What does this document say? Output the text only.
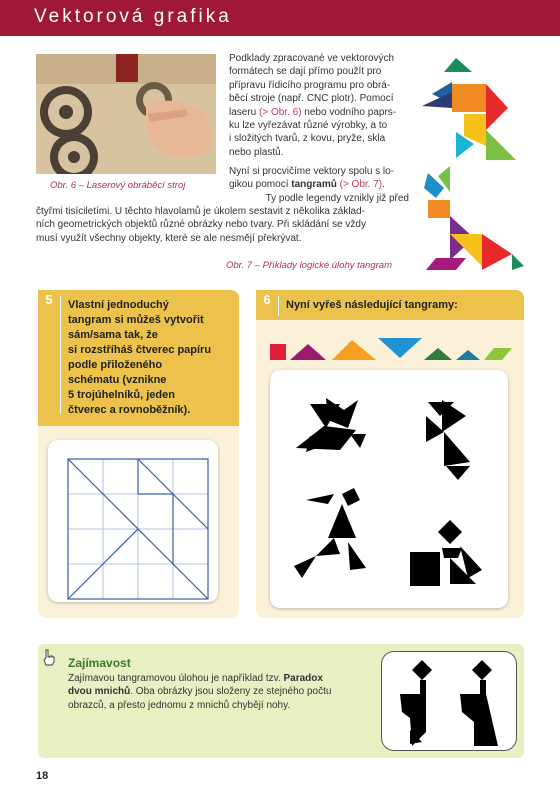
Vektorová grafika
Obr. 6 – Laserový obráběcí stroj
Podklady zpracované ve vektorových
formátech se dají přímo použít pro
přípravu řídicího programu pro obrá-
běcí stroje (např. CNC plotr). Pomocí
laseru (> Obr. 6) nebo vodního paprs-
ku lze vyřezávat různé výrobky, a to
i složitých tvarů, z kovu, pryže, skla
nebo plastů.
Nyní si procvičíme vektory spolu s lo-
gikou pomocí tangramů (> Obr. 7).
Ty podle legendy vznikly již před
čtyřmi tisíciletími. U těchto hlavolamů je úkolem sestavit z několika základ-
ních geometrických objektů různé obrázky nebo tvary. Při skládání se vždy
musí využít všechny objekty, které se ale nesmějí překrývat.
Obr. 7 – Příklady logické úlohy tangram
5	Vlastní jednoduchý
tangram si můžeš vytvořit
sám/sama tak, že
si rozstříháš čtverec papíru
podle přiloženého
schématu (vznikne
5 trojúhelníků, jeden
čtverec a rovnoběžník).
6	Nyní vyřeš následující tangramy:
Zajímavost
Zajímavou tangramovou úlohou je například tzv. Paradox
dvou mnichů. Oba obrázky jsou složeny ze stejného počtu
obrazců, a přesto jednomu z mnichů chybějí nohy.
18
